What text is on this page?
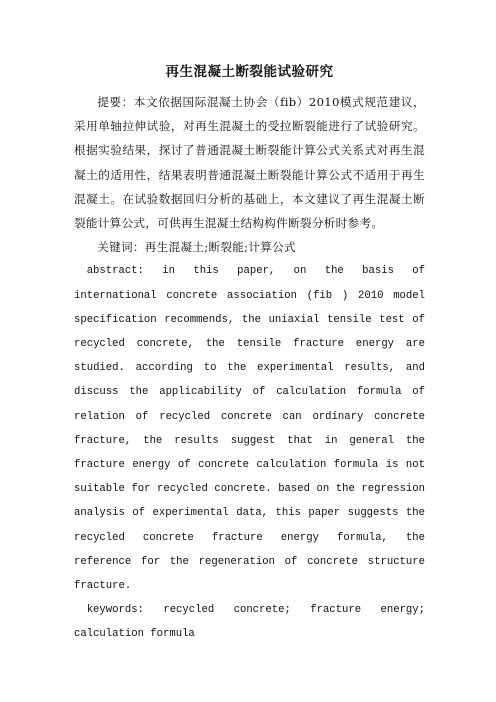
再生混凝土断裂能试验研究

提要：本文依据国际混凝土协会（fib）2010模式规范建议，采用单轴拉伸试验，对再生混凝土的受拉断裂能进行了试验研究。根据实验结果，探讨了普通混凝土断裂能计算公式关系式对再生混凝土的适用性，结果表明普通混凝土断裂能计算公式不适用于再生混凝土。在试验数据回归分析的基础上，本文建议了再生混凝土断裂能计算公式，可供再生混凝土结构构件断裂分析时参考。

关键词：再生混凝土;断裂能;计算公式

abstract: in this paper, on the basis of international concrete association (fib ) 2010 model specification recommends, the uniaxial tensile test of recycled concrete, the tensile fracture energy are studied. according to the experimental results, and discuss the applicability of calculation formula of relation of recycled concrete can ordinary concrete fracture, the results suggest that in general the fracture energy of concrete calculation formula is not suitable for recycled concrete. based on the regression analysis of experimental data, this paper suggests the recycled concrete fracture energy formula, the reference for the regeneration of concrete structure fracture.

keywords: recycled concrete; fracture energy; calculation formula
